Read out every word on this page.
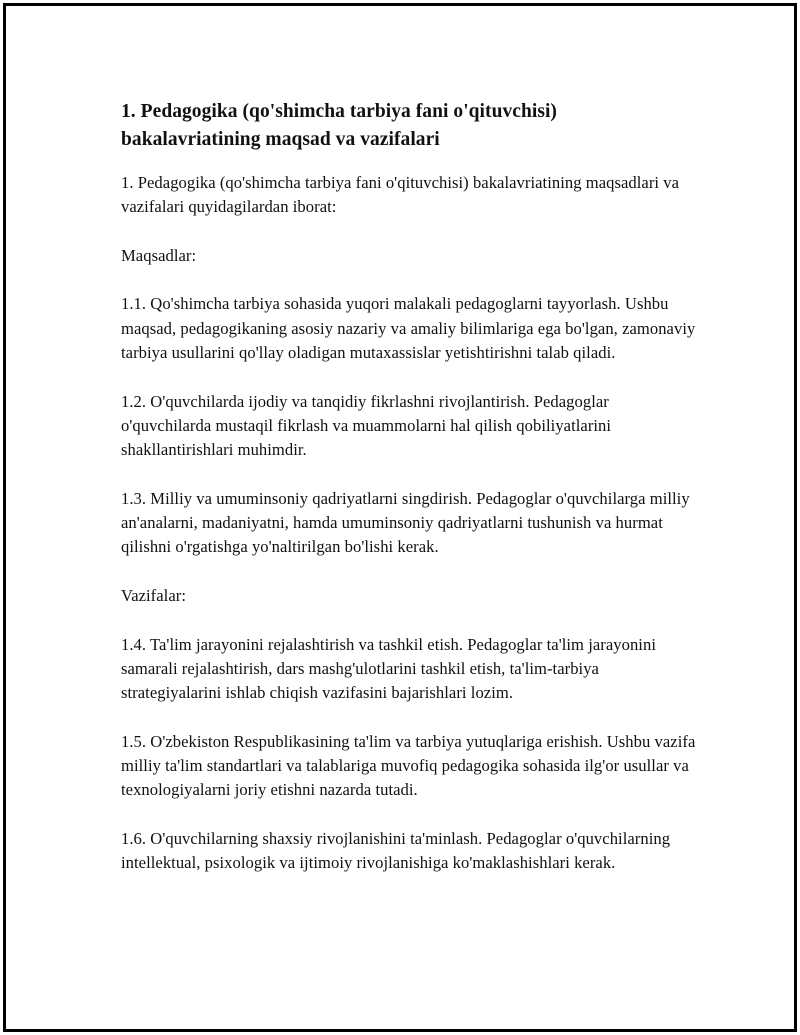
1. Pedagogika (qo'shimcha tarbiya fani o'qituvchisi) bakalavriatining maqsad va vazifalari

1. Pedagogika (qo'shimcha tarbiya fani o'qituvchisi) bakalavriatining maqsadlari va vazifalari quyidagilardan iborat:

Maqsadlar:

1.1. Qo'shimcha tarbiya sohasida yuqori malakali pedagoglarni tayyorlash. Ushbu maqsad, pedagogikaning asosiy nazariy va amaliy bilimlariga ega bo'lgan, zamonaviy tarbiya usullarini qo'llay oladigan mutaxassislar yetishtirishni talab qiladi.

1.2. O'quvchilarda ijodiy va tanqidiy fikrlashni rivojlantirish. Pedagoglar o'quvchilarda mustaqil fikrlash va muammolarni hal qilish qobiliyatlarini shakllantirishlari muhimdir.

1.3. Milliy va umuminsoniy qadriyatlarni singdirish. Pedagoglar o'quvchilarga milliy an'analarni, madaniyatni, hamda umuminsoniy qadriyatlarni tushunish va hurmat qilishni o'rgatishga yo'naltirilgan bo'lishi kerak.

Vazifalar:

1.4. Ta'lim jarayonini rejalashtirish va tashkil etish. Pedagoglar ta'lim jarayonini samarali rejalashtirish, dars mashg'ulotlarini tashkil etish, ta'lim-tarbiya strategiyalarini ishlab chiqish vazifasini bajarishlari lozim.

1.5. O'zbekiston Respublikasining ta'lim va tarbiya yutuqlariga erishish. Ushbu vazifa milliy ta'lim standartlari va talablariga muvofiq pedagogika sohasida ilg'or usullar va texnologiyalarni joriy etishni nazarda tutadi.

1.6. O'quvchilarning shaxsiy rivojlanishini ta'minlash. Pedagoglar o'quvchilarning intellektual, psixologik va ijtimoiy rivojlanishiga ko'maklashishlari kerak.
